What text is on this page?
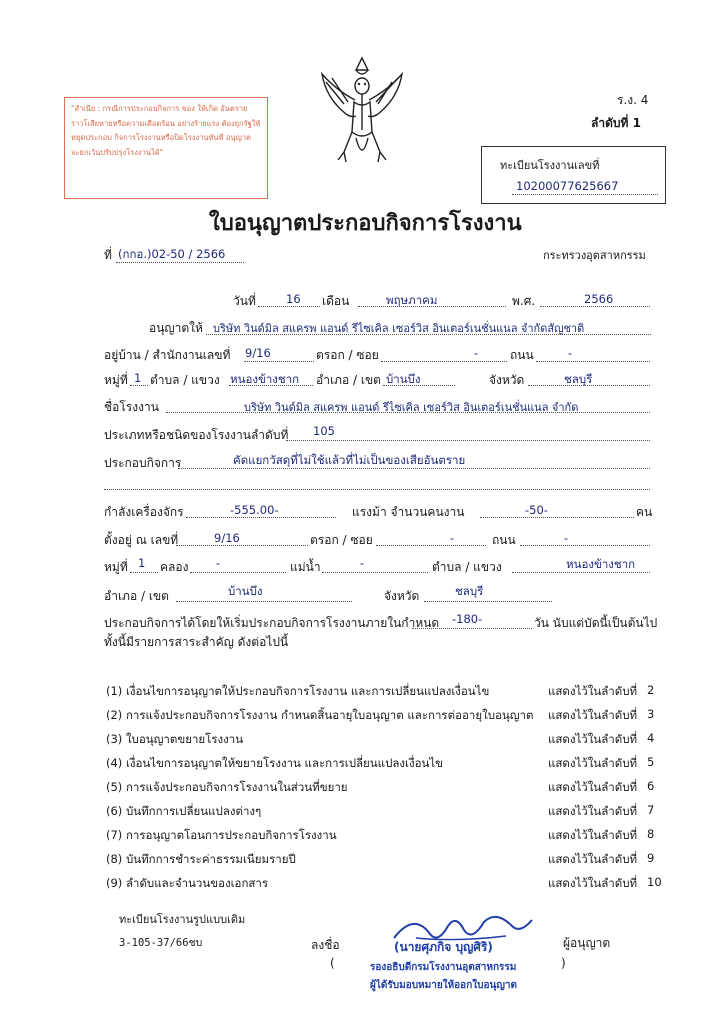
"สำเนีย : กรณีการประกอบกิจการ ของ ให้เกิด อันตราย ราวโเสียหายหรือความเดือดร้อน อย่างร้ายแรง ต้องยุกรัฐให้หยุดประกอบ กิจการโรงงานหรือปิดโรงงานทันที อนุญาต จะยกเว้นปรับปรุงโรงงานได้"
ร.ง. 4
ลำดับที่ 1
ทะเบียนโรงงานเลขที่
10200077625667
ใบอนุญาตประกอบกิจการโรงงาน
ที่ (กกอ.)02-50 / 2566	กระทรวงอุตสาหกรรม
วันที่	16 เดือน	พฤษภาคม	พ.ศ.	2566
อนุญาตให้ บริษัท วินด์มิล สแครพ แอนด์ รีไซเคิล เซอร์วิส อินเตอร์เนชั่นแนล จำกัดสัญชาติ
อยู่บ้าน / สำนักงานเลขที่ 9/16	ตรอก / ซอย	-	ถนน	-
หมู่ที่ 1 ตำบล / แขวง หนองข้างชาก อำเภอ / เขต บ้านบึง	จังหวัด	ชลบุรี
ชื่อโรงงาน	บริษัท วินด์มิล สแครพ แอนด์ รีไซเคิล เซอร์วิส อินเตอร์เนชั่นแนล จำกัด
ประเภทหรือชนิดของโรงงานลำดับที่ 105
ประกอบกิจการ	คัดแยกวัสดุที่ไม่ใช้แล้วที่ไม่เป็นของเสียอันตราย
กำลังเครื่องจักร	-555.00-	แรงม้า จำนวนคนงาน	-50-	คน
ตั้งอยู่ ณ เลขที่	9/16	ตรอก / ซอย	-	ถนน	-
หมู่ที่ 1 คลอง -	แม่น้ำ	-	ตำบล / แขวง	หนองข้างชาก
อำเภอ / เขต	บ้านบึง	จังหวัด	ชลบุรี
ประกอบกิจการได้โดยให้เริ่มประกอบกิจการโรงงานภายในกำหนด -180-	วัน นับแต่บัดนี้เป็นต้นไป
ทั้งนี้มีรายการสาระสำคัญ ดังต่อไปนี้
(1) เงื่อนไขการอนุญาตให้ประกอบกิจการโรงงาน และการเปลี่ยนแปลงเงื่อนไข	แสดงไว้ในลำดับที่ 2
(2) การแจ้งประกอบกิจการโรงงาน กำหนดสิ้นอายุใบอนุญาต และการต่ออายุใบอนุญาต แสดงไว้ในลำดับที่ 3
(3) ใบอนุญาตขยายโรงงาน	แสดงไว้ในลำดับที่ 4
(4) เงื่อนไขการอนุญาตให้ขยายโรงงาน และการเปลี่ยนแปลงเงื่อนไข	แสดงไว้ในลำดับที่ 5
(5) การแจ้งประกอบกิจการโรงงานในส่วนที่ขยาย	แสดงไว้ในลำดับที่ 6
(6) บันทึกการเปลี่ยนแปลงต่างๆ	แสดงไว้ในลำดับที่ 7
(7) การอนุญาตโอนการประกอบกิจการโรงงาน	แสดงไว้ในลำดับที่ 8
(8) บันทึกการชำระค่าธรรมเนียมรายปี	แสดงไว้ในลำดับที่ 9
(9) ลำดับและจำนวนของเอกสาร	แสดงไว้ในลำดับที่ 10
ทะเบียนโรงงานรูปแบบเดิม
3-105-37/66ชบ	ลงชื่อ	(นายศุภกิจ บุญศิริ)
(	รองอธิบดีกรมโรงงานอุตสาหกรรม	)
ผู้ได้รับมอบหมายให้ออกใบอนุญาต
ผู้อนุญาต
